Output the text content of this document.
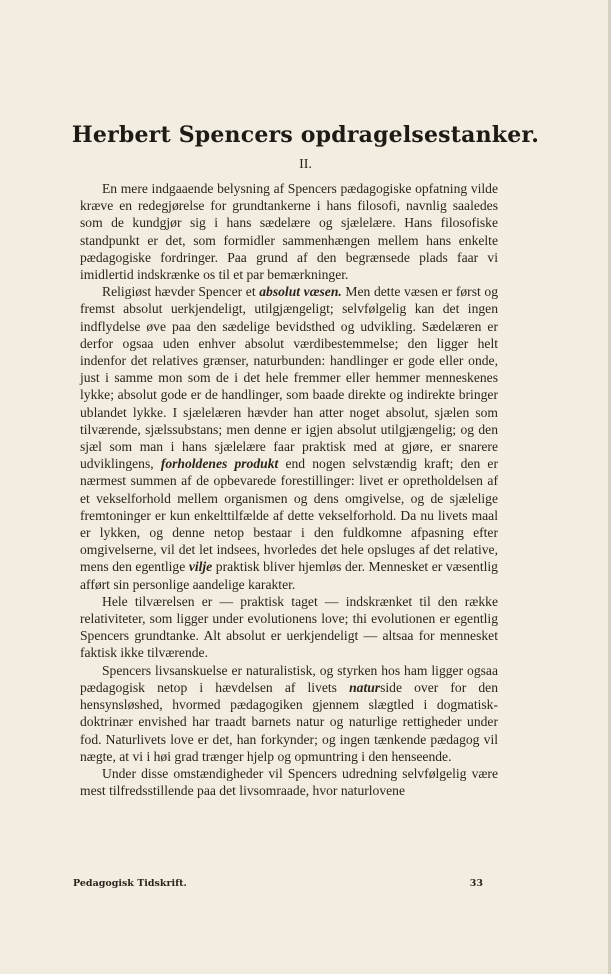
Herbert Spencers opdragelsestanker.
II.

En mere indgaaende belysning af Spencers pædagogiske opfatning vilde kræve en redegjørelse for grundtankerne i hans filosofi, navnlig saaledes som de kundgjør sig i hans sædelære og sjælelære. Hans filosofiske standpunkt er det, som formidler sammenhængen mellem hans enkelte pædagogiske fordringer. Paa grund af den begrænsede plads faar vi imidlertid indskrænke os til et par bemærkninger.

Religiøst hævder Spencer et absolut væsen. Men dette væsen er først og fremst absolut uerkjendeligt, utilgjængeligt; selvfølgelig kan det ingen indflydelse øve paa den sædelige bevidsthed og udvikling. Sædelæren er derfor ogsaa uden enhver absolut værdibestemmelse; den ligger helt indenfor det relatives grænser, naturbunden: handlinger er gode eller onde, just i samme mon som de i det hele fremmer eller hemmer menneskenes lykke; absolut gode er de handlinger, som baade direkte og indirekte bringer ublandet lykke. I sjælelæren hævder han atter noget absolut, sjælen som tilværende, sjælssubstans; men denne er igjen absolut utilgjængelig; og den sjæl som man i hans sjælelære faar praktisk med at gjøre, er snarere udviklingens, forholdenes produkt end nogen selvstændig kraft; den er nærmest summen af de opbevarede forestillinger: livet er opretholdelsen af et vekselforhold mellem organismen og dens omgivelse, og de sjælelige fremtoninger er kun enkelttilfælde af dette vekselforhold. Da nu livets maal er lykken, og denne netop bestaar i den fuldkomne afpasning efter omgivelserne, vil det let indsees, hvorledes det hele opsluges af det relative, mens den egentlige vilje praktisk bliver hjemløs der. Mennesket er væsentlig afført sin personlige aandelige karakter.

Hele tilværelsen er — praktisk taget — indskrænket til den række relativiteter, som ligger under evolutionens love; thi evolutionen er egentlig Spencers grundtanke. Alt absolut er uerkjendeligt — altsaa for mennesket faktisk ikke tilværende.

Spencers livsanskuelse er naturalistisk, og styrken hos ham ligger ogsaa pædagogisk netop i hævdelsen af livets naturside over for den hensynsløshed, hvormed pædagogiken gjennem slægtled i dogmatisk-doktrinær envished har traadt barnets natur og naturlige rettigheder under fod. Naturlivets love er det, han forkynder; og ingen tænkende pædagog vil nægte, at vi i høi grad trænger hjelp og opmuntring i den henseende.

Under disse omstændigheder vil Spencers udredning selvfølgelig være mest tilfredsstillende paa det livsomraade, hvor naturlovene

Pedagogisk Tidskrift.	33
